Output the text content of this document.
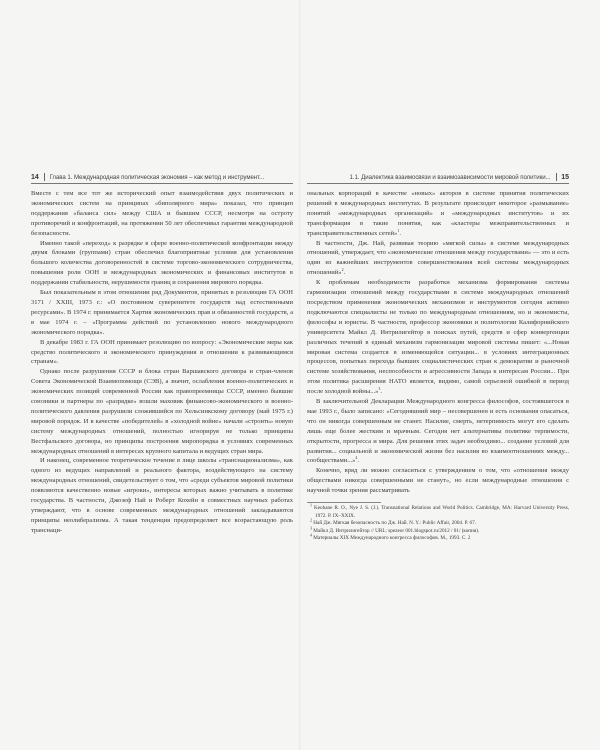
14 Глава 1. Международная политическая экономия – как метод и инструмент...

Вместе с тем все тот же исторический опыт взаимодействия двух политических и экономических систем на принципах «биполярного мира» показал, что принцип поддержания «баланса сил» между США и бывшим СССР, несмотря на остроту противоречий и конфронтаций, на протяжении 50 лет обеспечивал гарантии международной безопасности.

Именно такой «переход» к разрядке в сфере военно-политической конфронтации между двумя блоками (группами) стран обеспечил благоприятные условия для установления большого количества договоренностей в системе торгово-экономического сотрудничества, повышения роли ООН и международных экономических и финансовых институтов в поддержании стабильности, нерушимости границ и сохранения мирового порядка.

Был показательным в этом отношении ряд Документов, принятых в резолюции ГА ООН 3171 / XXIII, 1973 г.: «О постоянном суверенитете государств над естественными ресурсами». В 1974 г. принимается Хартия экономических прав и обязанностей государств, а в мае 1974 г. – «Программа действий по установлению нового международного экономического порядка».

В декабре 1983 г. ГА ООН принимает резолюцию по вопросу: «Экономические меры как средство политического и экономического принуждения в отношении к развивающимся странам».

Однако после разрушения СССР и блока стран Варшавского договора и стран-членов Совета Экономической Взаимопомощи (СЭВ), а значит, ослабления военно-политических и экономических позиций современной России как правопреемницы СССР, именно бывшие союзники и партнеры по «разрядке» вошли маховик финансово-экономического и военно-политического давления разрушили сложившийся по Хельсинкскому договору (май 1975 г.) мировой порядок. И в качестве «победителей» в «холодной войне» начали «строить» новую систему международных отношений, полностью игнорируя не только принципы Вестфальского договора, но принципы построения миропорядка в условиях современных международных отношений в интересах крупного капитала и ведущих стран мира.

И наконец, современное теоретическое течение в лице школы «транснационализма», как одного из ведущих направлений и реального фактора, воздействующего на систему международных отношений, свидетельствует о том, что «среди субъектов мировой политики появляются качественно новые «игроки», интересы которых важно учитывать в политике государства. В частности, Джозеф Най и Роберт Кохейн в совместных научных работах утверждают, что в основе современных международных отношений закладываются принципы неолиберализма. А такая тенденция предопределяет все возрастающую роль транснаци-

1.1. Диалектика взаимосвязи и взаимозависимости мировой политики... 15

ональных корпораций в качестве «новых» акторов в системе принятия политических решений в международных институтах. В результате происходит некоторое «размывание» понятий «международных организаций» и «международных институтов» и их трансформация в такие понятия, как «кластеры межправительственных и трансправительственных сетей»$^1$.

В частности, Дж. Най, развивая теорию «мягкой силы» в системе международных отношений, утверждает, что «экономические отношения между государствами» — это и есть один из важнейших инструментов совершенствования всей системы международных отношений»$^2$.

К проблемам необходимости разработки механизма формирования системы гармонизации отношений между государствами в системе международных отношений посредством применения экономических механизмов и инструментов сегодня активно подключаются специалисты не только по международным отношениям, но и экономисты, философы и юристы. В частности, профессор экономики и политологии Калифорнийского университета Майкл Д. Интрилигейтор в поисках путей, средств и сфер конвергенции различных течений в единый механизм гармонизации мировой системы пишет: «...Новая мировая система создается в изменяющейся ситуации... в условиях интеграционных процессов, попытках перехода бывших социалистических стран к демократии и рыночной системе хозяйствования, неспособности и агрессивности Запада к интересам России... При этом политика расширения НАТО является, видимо, самой серьезной ошибкой в период после холодной войны...»$^3$.

В заключительной Декларации Международного конгресса философов, состоявшегося в мае 1993 г., было записано: «Сегодняшний мир – несовершенен и есть основания опасаться, что он никогда совершенным не станет. Насилие, смерть, нетерпимость могут его сделать лишь еще более жестким и мрачным. Сегодня нет альтернативы политике терпимости, открытости, прогресса и мира. Для решения этих задач необходимо... создание условий для развития... социальной и экономической жизни без насилия во взаимоотношениях между... сообществами...»$^4$.

Конечно, вряд ли можно согласиться с утверждением о том, что «отношения между обществами никогда совершенными не станут», но если международные отношения с научной точки зрения рассматривать

$^1$ Keohane R. O., Nye J. S. (J.). Transnational Relations and World Politics. Cambridge, MA: Harvard University Press, 1972. P. IX–XXIX.

$^2$ Най Дж. Мягкая безопасность по Дж. Най. N. Y.: Public Affair, 2004. P. 67.

$^3$ Майкл Д. Интрилигейтор // URL: spezeor 001.blogspot.ru/2012 / 01/ (копия).

$^4$ Материалы XIX Международного конгресса философов. М., 1993. С. 2
